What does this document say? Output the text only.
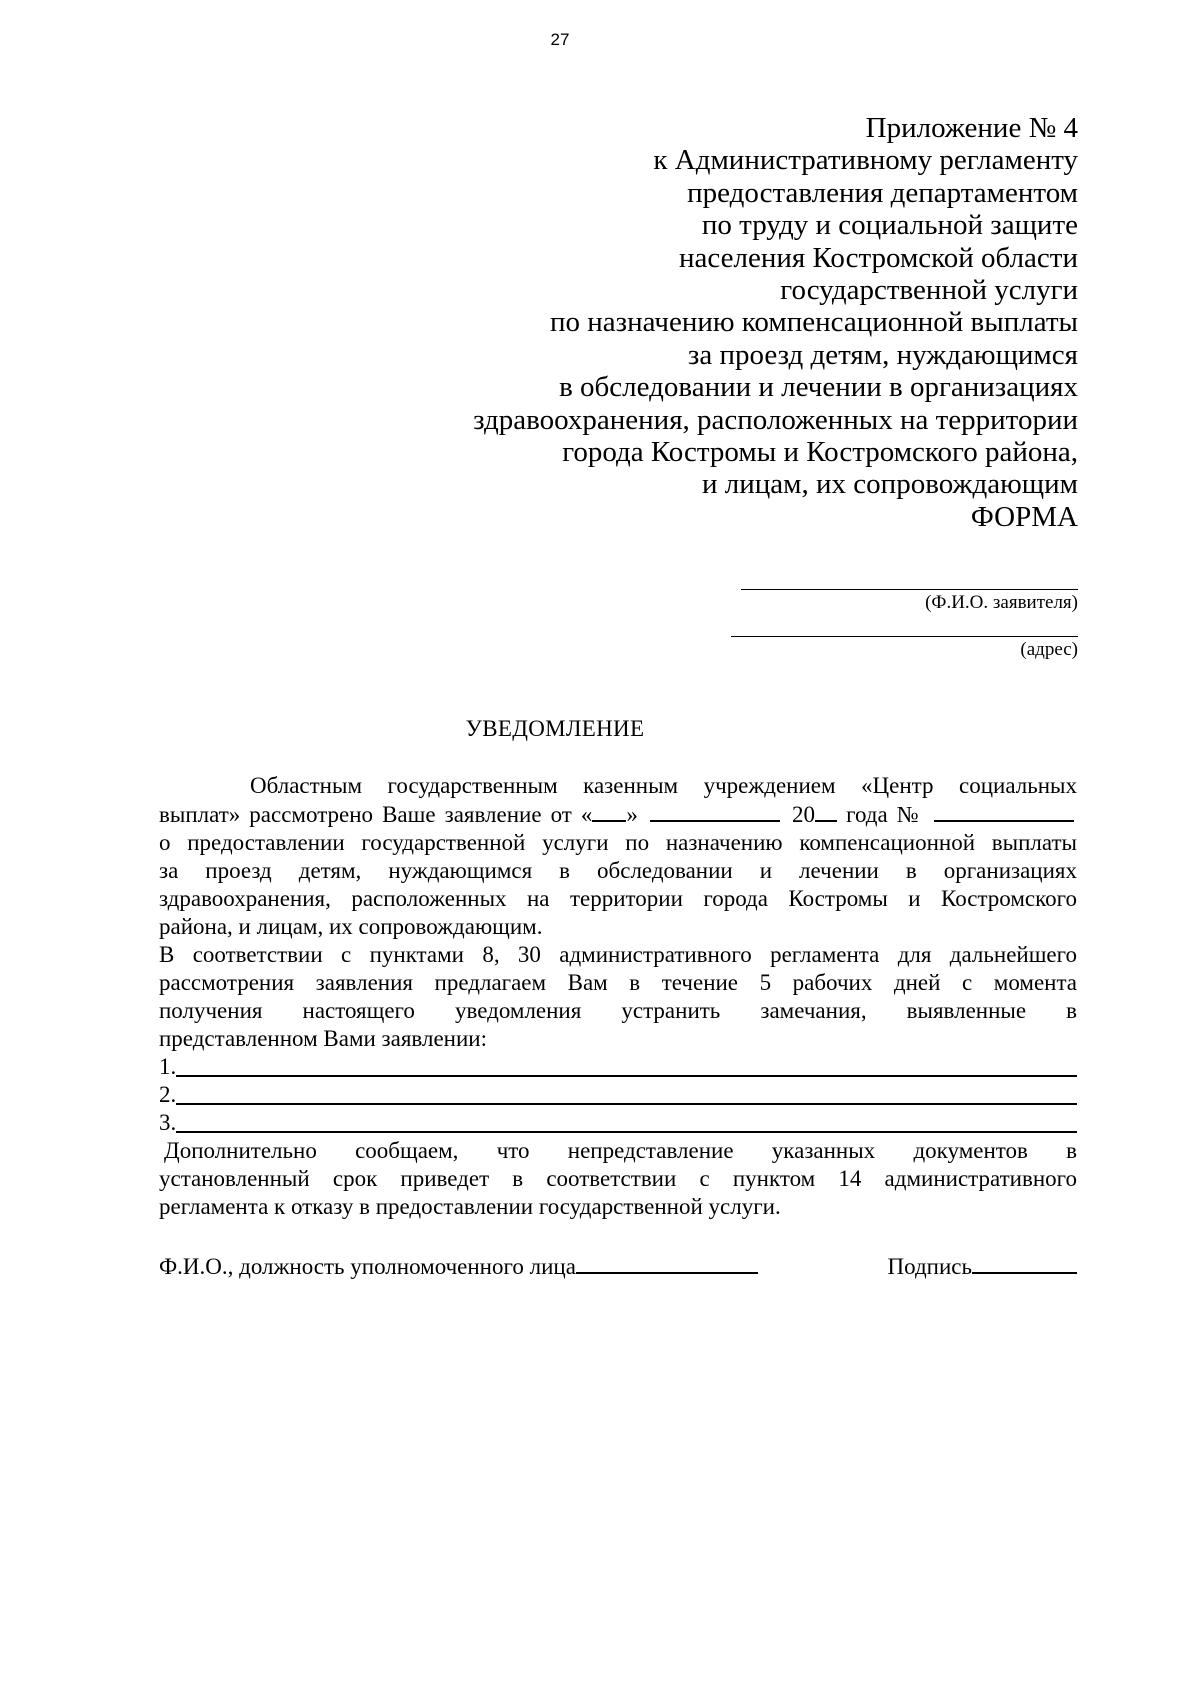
27
Приложение № 4
к Административному регламенту
предоставления департаментом
по труду и социальной защите
населения Костромской области
государственной услуги
по назначению компенсационной выплаты
за проезд детям, нуждающимся
в обследовании и лечении в организациях
здравоохранения, расположенных на территории
города Костромы и Костромского района,
и лицам, их сопровождающим
ФОРМА
(Ф.И.О. заявителя)
(адрес)
УВЕДОМЛЕНИЕ
Областным государственным казенным учреждением «Центр социальных
выплат» рассмотрено Ваше заявление от « »	20 года №
о предоставлении государственной услуги по назначению компенсационной выплаты
за проезд детям, нуждающимся в обследовании и лечении в организациях
здравоохранения, расположенных на территории города Костромы и Костромского
района, и лицам, их сопровождающим.
В соответствии с пунктами 8, 30 административного регламента для дальнейшего
рассмотрения заявления предлагаем Вам в течение 5 рабочих дней с момента
получения настоящего уведомления устранить замечания, выявленные в
представленном Вами заявлении:
1.
2.
3.
Дополнительно сообщаем, что непредставление указанных документов в
установленный срок приведет в соответствии с пунктом 14 административного
регламента к отказу в предоставлении государственной услуги.
Ф.И.О., должность уполномоченного лица	Подпись
